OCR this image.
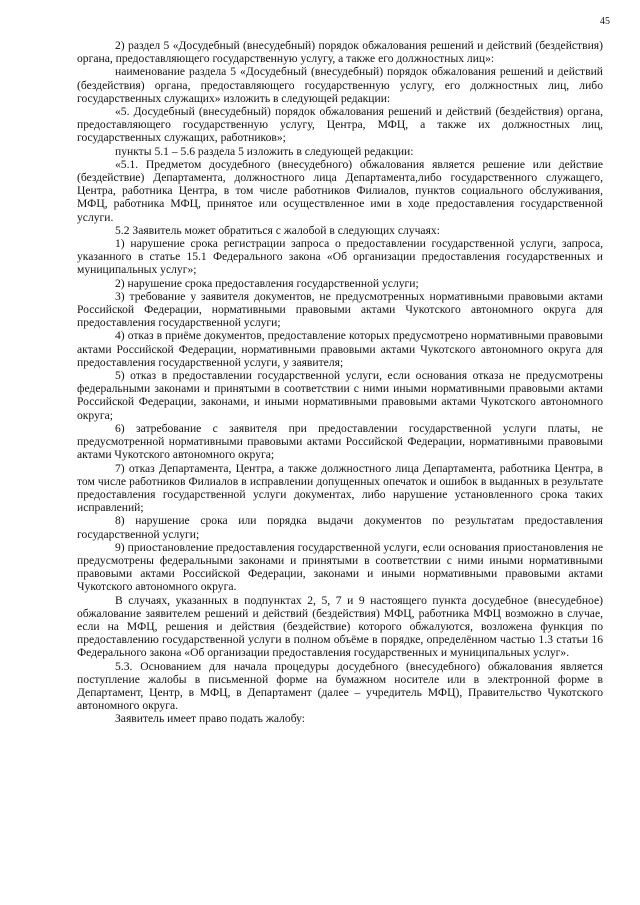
45

2) раздел 5 «Досудебный (внесудебный) порядок обжалования решений и действий (бездействия) органа, предоставляющего государственную услугу, а также его должностных лиц»:

наименование раздела 5 «Досудебный (внесудебный) порядок обжалования решений и действий (бездействия) органа, предоставляющего государственную услугу, его должностных лиц, либо государственных служащих» изложить в следующей редакции:

«5. Досудебный (внесудебный) порядок обжалования решений и действий (бездействия) органа, предоставляющего государственную услугу, Центра, МФЦ, а также их должностных лиц, государственных служащих, работников»;

пункты 5.1 – 5.6 раздела 5 изложить в следующей редакции:

«5.1. Предметом досудебного (внесудебного) обжалования является решение или действие (бездействие) Департамента, должностного лица Департамента,либо государственного служащего, Центра, работника Центра, в том числе работников Филиалов, пунктов социального обслуживания, МФЦ, работника МФЦ, принятое или осуществленное ими в ходе предоставления государственной услуги.

5.2 Заявитель может обратиться с жалобой в следующих случаях:

1) нарушение срока регистрации запроса о предоставлении государственной услуги, запроса, указанного в статье 15.1 Федерального закона «Об организации предоставления государственных и муниципальных услуг»;

2) нарушение срока предоставления государственной услуги;

3) требование у заявителя документов, не предусмотренных нормативными правовыми актами Российской Федерации, нормативными правовыми актами Чукотского автономного округа для предоставления государственной услуги;

4) отказ в приёме документов, предоставление которых предусмотрено нормативными правовыми актами Российской Федерации, нормативными правовыми актами Чукотского автономного округа для предоставления государственной услуги, у заявителя;

5) отказ в предоставлении государственной услуги, если основания отказа не предусмотрены федеральными законами и принятыми в соответствии с ними иными нормативными правовыми актами Российской Федерации, законами, и иными нормативными правовыми актами Чукотского автономного округа;

6) затребование с заявителя при предоставлении государственной услуги платы, не предусмотренной нормативными правовыми актами Российской Федерации, нормативными правовыми актами Чукотского автономного округа;

7) отказ Департамента, Центра, а также должностного лица Департамента, работника Центра, в том числе работников Филиалов в исправлении допущенных опечаток и ошибок в выданных в результате предоставления государственной услуги документах, либо нарушение установленного срока таких исправлений;

8) нарушение срока или порядка выдачи документов по результатам предоставления государственной услуги;

9) приостановление предоставления государственной услуги, если основания приостановления не предусмотрены федеральными законами и принятыми в соответствии с ними иными нормативными правовыми актами Российской Федерации, законами и иными нормативными правовыми актами Чукотского автономного округа.

В случаях, указанных в подпунктах 2, 5, 7 и 9 настоящего пункта досудебное (внесудебное) обжалование заявителем решений и действий (бездействия) МФЦ, работника МФЦ возможно в случае, если на МФЦ, решения и действия (бездействие) которого обжалуются, возложена функция по предоставлению государственной услуги в полном объёме в порядке, определённом частью 1.3 статьи 16 Федерального закона «Об организации предоставления государственных и муниципальных услуг».

5.3. Основанием для начала процедуры досудебного (внесудебного) обжалования является поступление жалобы в письменной форме на бумажном носителе или в электронной форме в Департамент, Центр, в МФЦ, в Департамент (далее – учредитель МФЦ), Правительство Чукотского автономного округа.

Заявитель имеет право подать жалобу:
